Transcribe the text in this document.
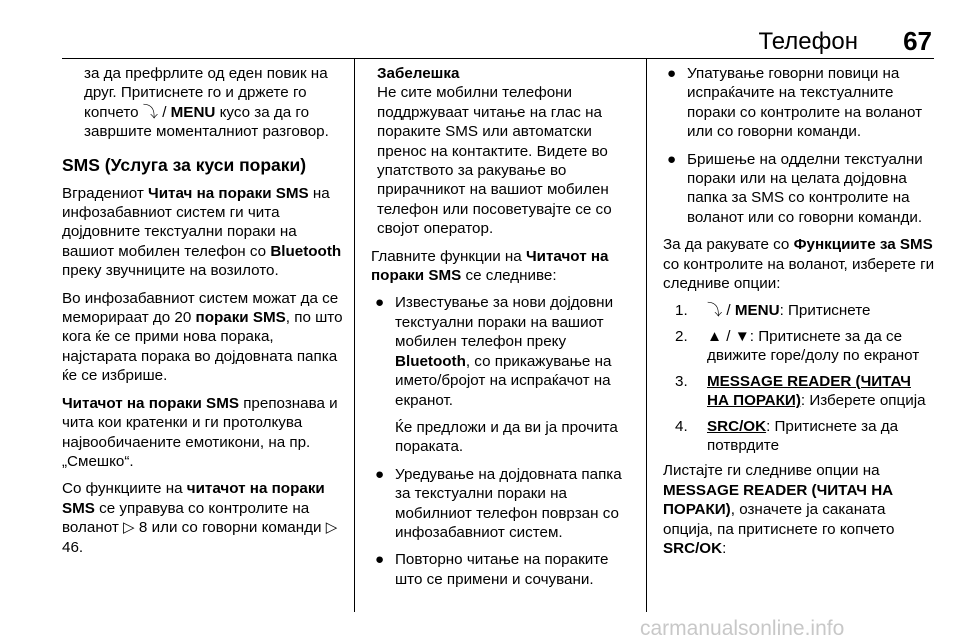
Телефон 67

за да префрлите од еден повик на друг. Притиснете го и држете го копчето ⤵ / MENU кусо за да го завршите моменталниот разговор.

SMS (Услуга за куси пораки)

Вградениот Читач на пораки SMS на инфозабавниот систем ги чита дојдовните текстуални пораки на вашиот мобилен телефон со Bluetooth преку звучниците на возилото.

Во инфозабавниот систем можат да се меморираат до 20 пораки SMS, по што кога ќе се прими нова порака, најстарата порака во дојдовната папка ќе се избрише.

Читачот на пораки SMS препознава и чита кои кратенки и ги протолкува највообичаените емотикони, на пр. „Смешко“.

Со функциите на читачот на пораки SMS се управува со контролите на воланот ▷ 8 или со говорни команди ▷ 46.

Забелешка
Не сите мобилни телефони поддржуваат читање на глас на пораките SMS или автоматски пренос на контактите. Видете во упатството за ракување во прирачникот на вашиот мобилен телефон или посоветувајте се со својот оператор.

Главните функции на Читачот на пораки SMS се следниве:

● Известување за нови дојдовни текстуални пораки на вашиот мобилен телефон преку Bluetooth, со прикажување на името/бројот на испраќачот на екранот.
Ќе предложи и да ви ја прочита пораката.
● Уредување на дојдовната папка за текстуални пораки на мобилниот телефон поврзан со инфозабавниот систем.
● Повторно читање на пораките што се примени и сочувани.
● Упатување говорни повици на испраќачите на текстуалните пораки со контролите на воланот или со говорни команди.
● Бришење на одделни текстуални пораки или на целата дојдовна папка за SMS со контролите на воланот или со говорни команди.

За да ракувате со Функциите за SMS со контролите на воланот, изберете ги следниве опции:

1. ⤵ / MENU: Притиснете
2. ▲ / ▼: Притиснете за да се движите горе/долу по екранот
3. MESSAGE READER (ЧИТАЧ НА ПОРАКИ): Изберете опција
4. SRC/OK: Притиснете за да потврдите

Листајте ги следниве опции на MESSAGE READER (ЧИТАЧ НА ПОРАКИ), означете ја саканата опција, па притиснете го копчето SRC/OK:

carmanualsonline.info
